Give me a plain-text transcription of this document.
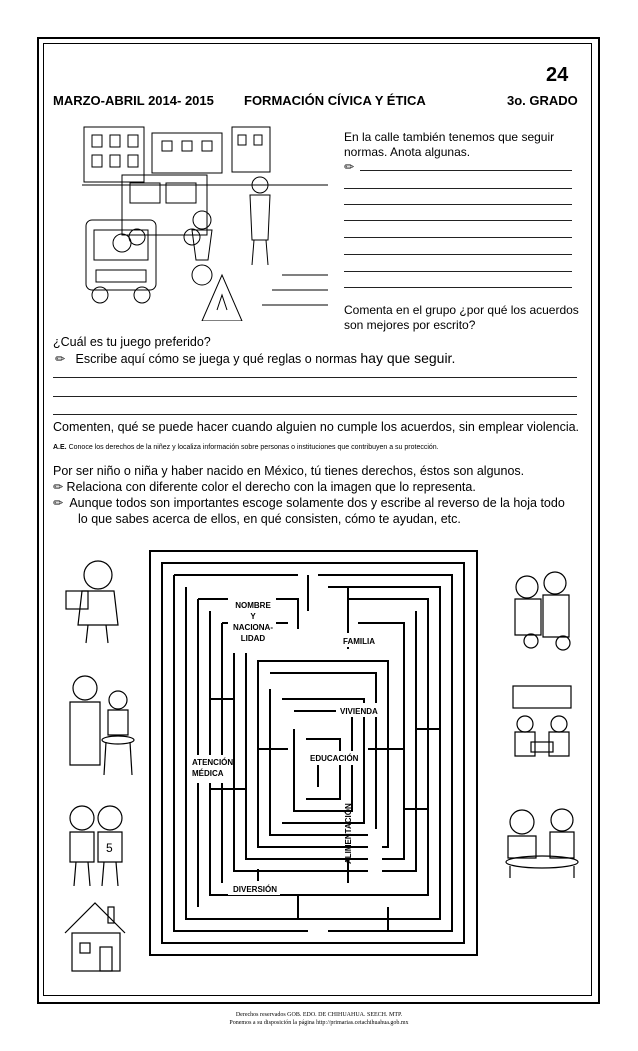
24
MARZO-ABRIL 2014- 2015 FORMACIÓN CÍVICA Y ÉTICA	3o. GRADO
En la calle también tenemos que seguir
normas. Anota algunas.
✏
Comenta en el grupo ¿por qué los acuerdos
son mejores por escrito?
¿Cuál es tu juego preferido?
✏ Escribe aquí cómo se juega y qué reglas o normas hay que seguir.
Comenten, qué se puede hacer cuando alguien no cumple los acuerdos, sin emplear violencia.
A.E. Conoce los derechos de la niñez y localiza información sobre personas o instituciones que contribuyen a su protección.
Por ser niño o niña y haber nacido en México, tú tienes derechos, éstos son algunos.
✏ Relaciona con diferente color el derecho con la imagen que lo representa.
✏ Aunque todos son importantes escoge solamente dos y escribe al reverso de la hoja todo
lo que sabes acerca de ellos, en qué consisten, cómo te ayudan, etc.
NOMBRE
Y
NACIONA-
LIDAD	FAMILIA
VIVIENDA
EDUCACIÓN
ATENCIÓN
MÉDICA
ALIMENTACIÓN
DIVERSIÓN
5
Derechos reservados GOB. EDO. DE CHIHUAHUA. SEECH. MTP.
Ponemos a su disposición la página http://primarias.cetachihuahua.gob.mx
